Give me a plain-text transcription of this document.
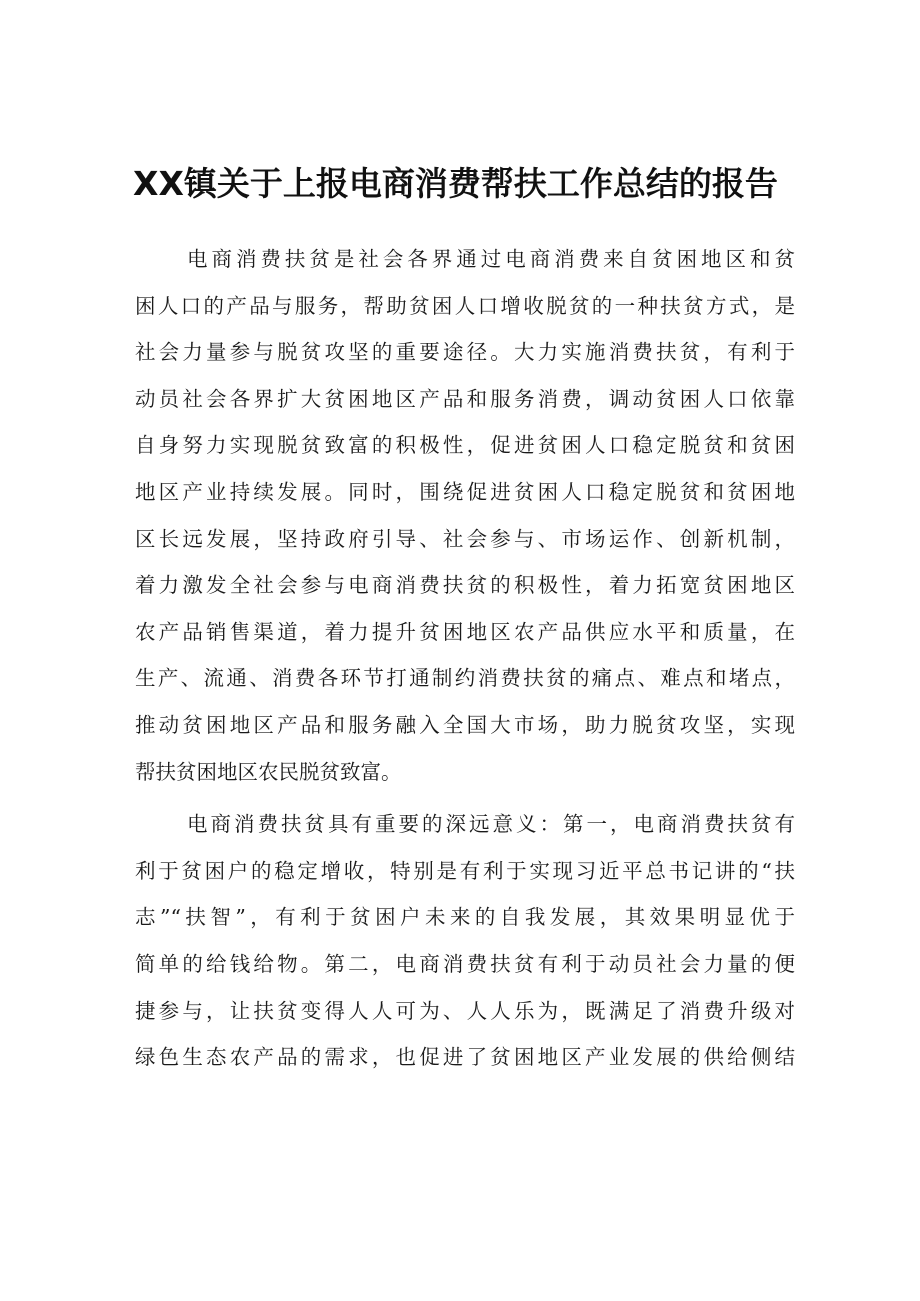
XX镇关于上报电商消费帮扶工作总结的报告

电商消费扶贫是社会各界通过电商消费来自贫困地区和贫

困人口的产品与服务，帮助贫困人口增收脱贫的一种扶贫方式，是

社会力量参与脱贫攻坚的重要途径。大力实施消费扶贫，有利于

动员社会各界扩大贫困地区产品和服务消费，调动贫困人口依靠

自身努力实现脱贫致富的积极性，促进贫困人口稳定脱贫和贫困

地区产业持续发展。同时，围绕促进贫困人口稳定脱贫和贫困地

区长远发展，坚持政府引导、社会参与、市场运作、创新机制，

着力激发全社会参与电商消费扶贫的积极性，着力拓宽贫困地区

农产品销售渠道，着力提升贫困地区农产品供应水平和质量，在

生产、流通、消费各环节打通制约消费扶贫的痛点、难点和堵点，

推动贫困地区产品和服务融入全国大市场，助力脱贫攻坚，实现

帮扶贫困地区农民脱贫致富。

电商消费扶贫具有重要的深远意义：第一，电商消费扶贫有

利于贫困户的稳定增收，特别是有利于实现习近平总书记讲的“扶

志”“扶智”，有利于贫困户未来的自我发展，其效果明显优于

简单的给钱给物。第二，电商消费扶贫有利于动员社会力量的便

捷参与，让扶贫变得人人可为、人人乐为，既满足了消费升级对

绿色生态农产品的需求，也促进了贫困地区产业发展的供给侧结
